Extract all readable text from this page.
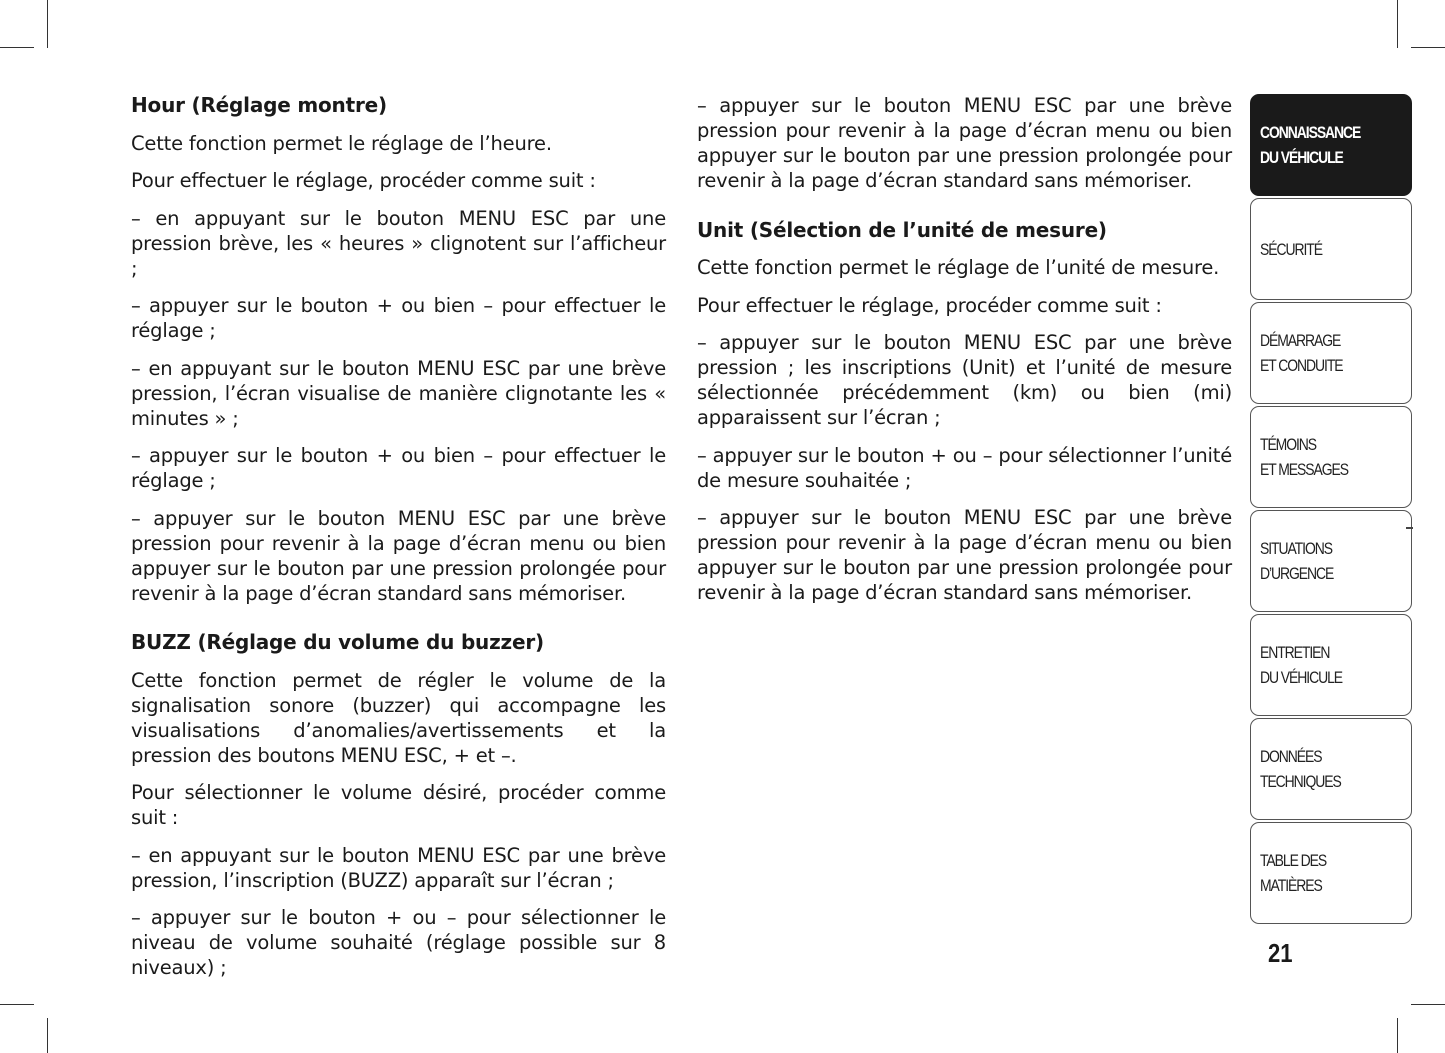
Hour (Réglage montre)

Cette fonction permet le réglage de l’heure.

Pour effectuer le réglage, procéder comme suit :

– en appuyant sur le bouton MENU ESC par une pression brève, les « heures » clignotent sur l’afficheur ;

– appuyer sur le bouton + ou bien – pour effectuer le réglage ;

– en appuyant sur le bouton MENU ESC par une brève pression, l’écran visualise de manière clignotante les « minutes » ;

– appuyer sur le bouton + ou bien – pour effectuer le réglage ;

– appuyer sur le bouton MENU ESC par une brève pression pour revenir à la page d’écran menu ou bien appuyer sur le bouton par une pression prolongée pour revenir à la page d’écran standard sans mémoriser.

BUZZ (Réglage du volume du buzzer)

Cette fonction permet de régler le volume de la signalisation sonore (buzzer) qui accompagne les visualisations d’anomalies/avertissements et la pression des boutons MENU ESC, + et –.

Pour sélectionner le volume désiré, procéder comme suit :

– en appuyant sur le bouton MENU ESC par une brève pression, l’inscription (BUZZ) apparaît sur l’écran ;

– appuyer sur le bouton + ou – pour sélectionner le niveau de volume souhaité (réglage possible sur 8 niveaux) ;

– appuyer sur le bouton MENU ESC par une brève pression pour revenir à la page d’écran menu ou bien appuyer sur le bouton par une pression prolongée pour revenir à la page d’écran standard sans mémoriser.

Unit (Sélection de l’unité de mesure)

Cette fonction permet le réglage de l’unité de mesure.

Pour effectuer le réglage, procéder comme suit :

– appuyer sur le bouton MENU ESC par une brève pression ; les inscriptions (Unit) et l’unité de mesure sélectionnée précédemment (km) ou bien (mi) apparaissent sur l’écran ;

– appuyer sur le bouton + ou – pour sélectionner l’unité de mesure souhaitée ;

– appuyer sur le bouton MENU ESC par une brève pression pour revenir à la page d’écran menu ou bien appuyer sur le bouton par une pression prolongée pour revenir à la page d’écran standard sans mémoriser.

CONNAISSANCE
DU VÉHICULE
SÉCURITÉ
DÉMARRAGE
ET CONDUITE
TÉMOINS
ET MESSAGES
SITUATIONS
D’URGENCE
ENTRETIEN
DU VÉHICULE
DONNÉES
TECHNIQUES
TABLE DES MATIÈRES
21
